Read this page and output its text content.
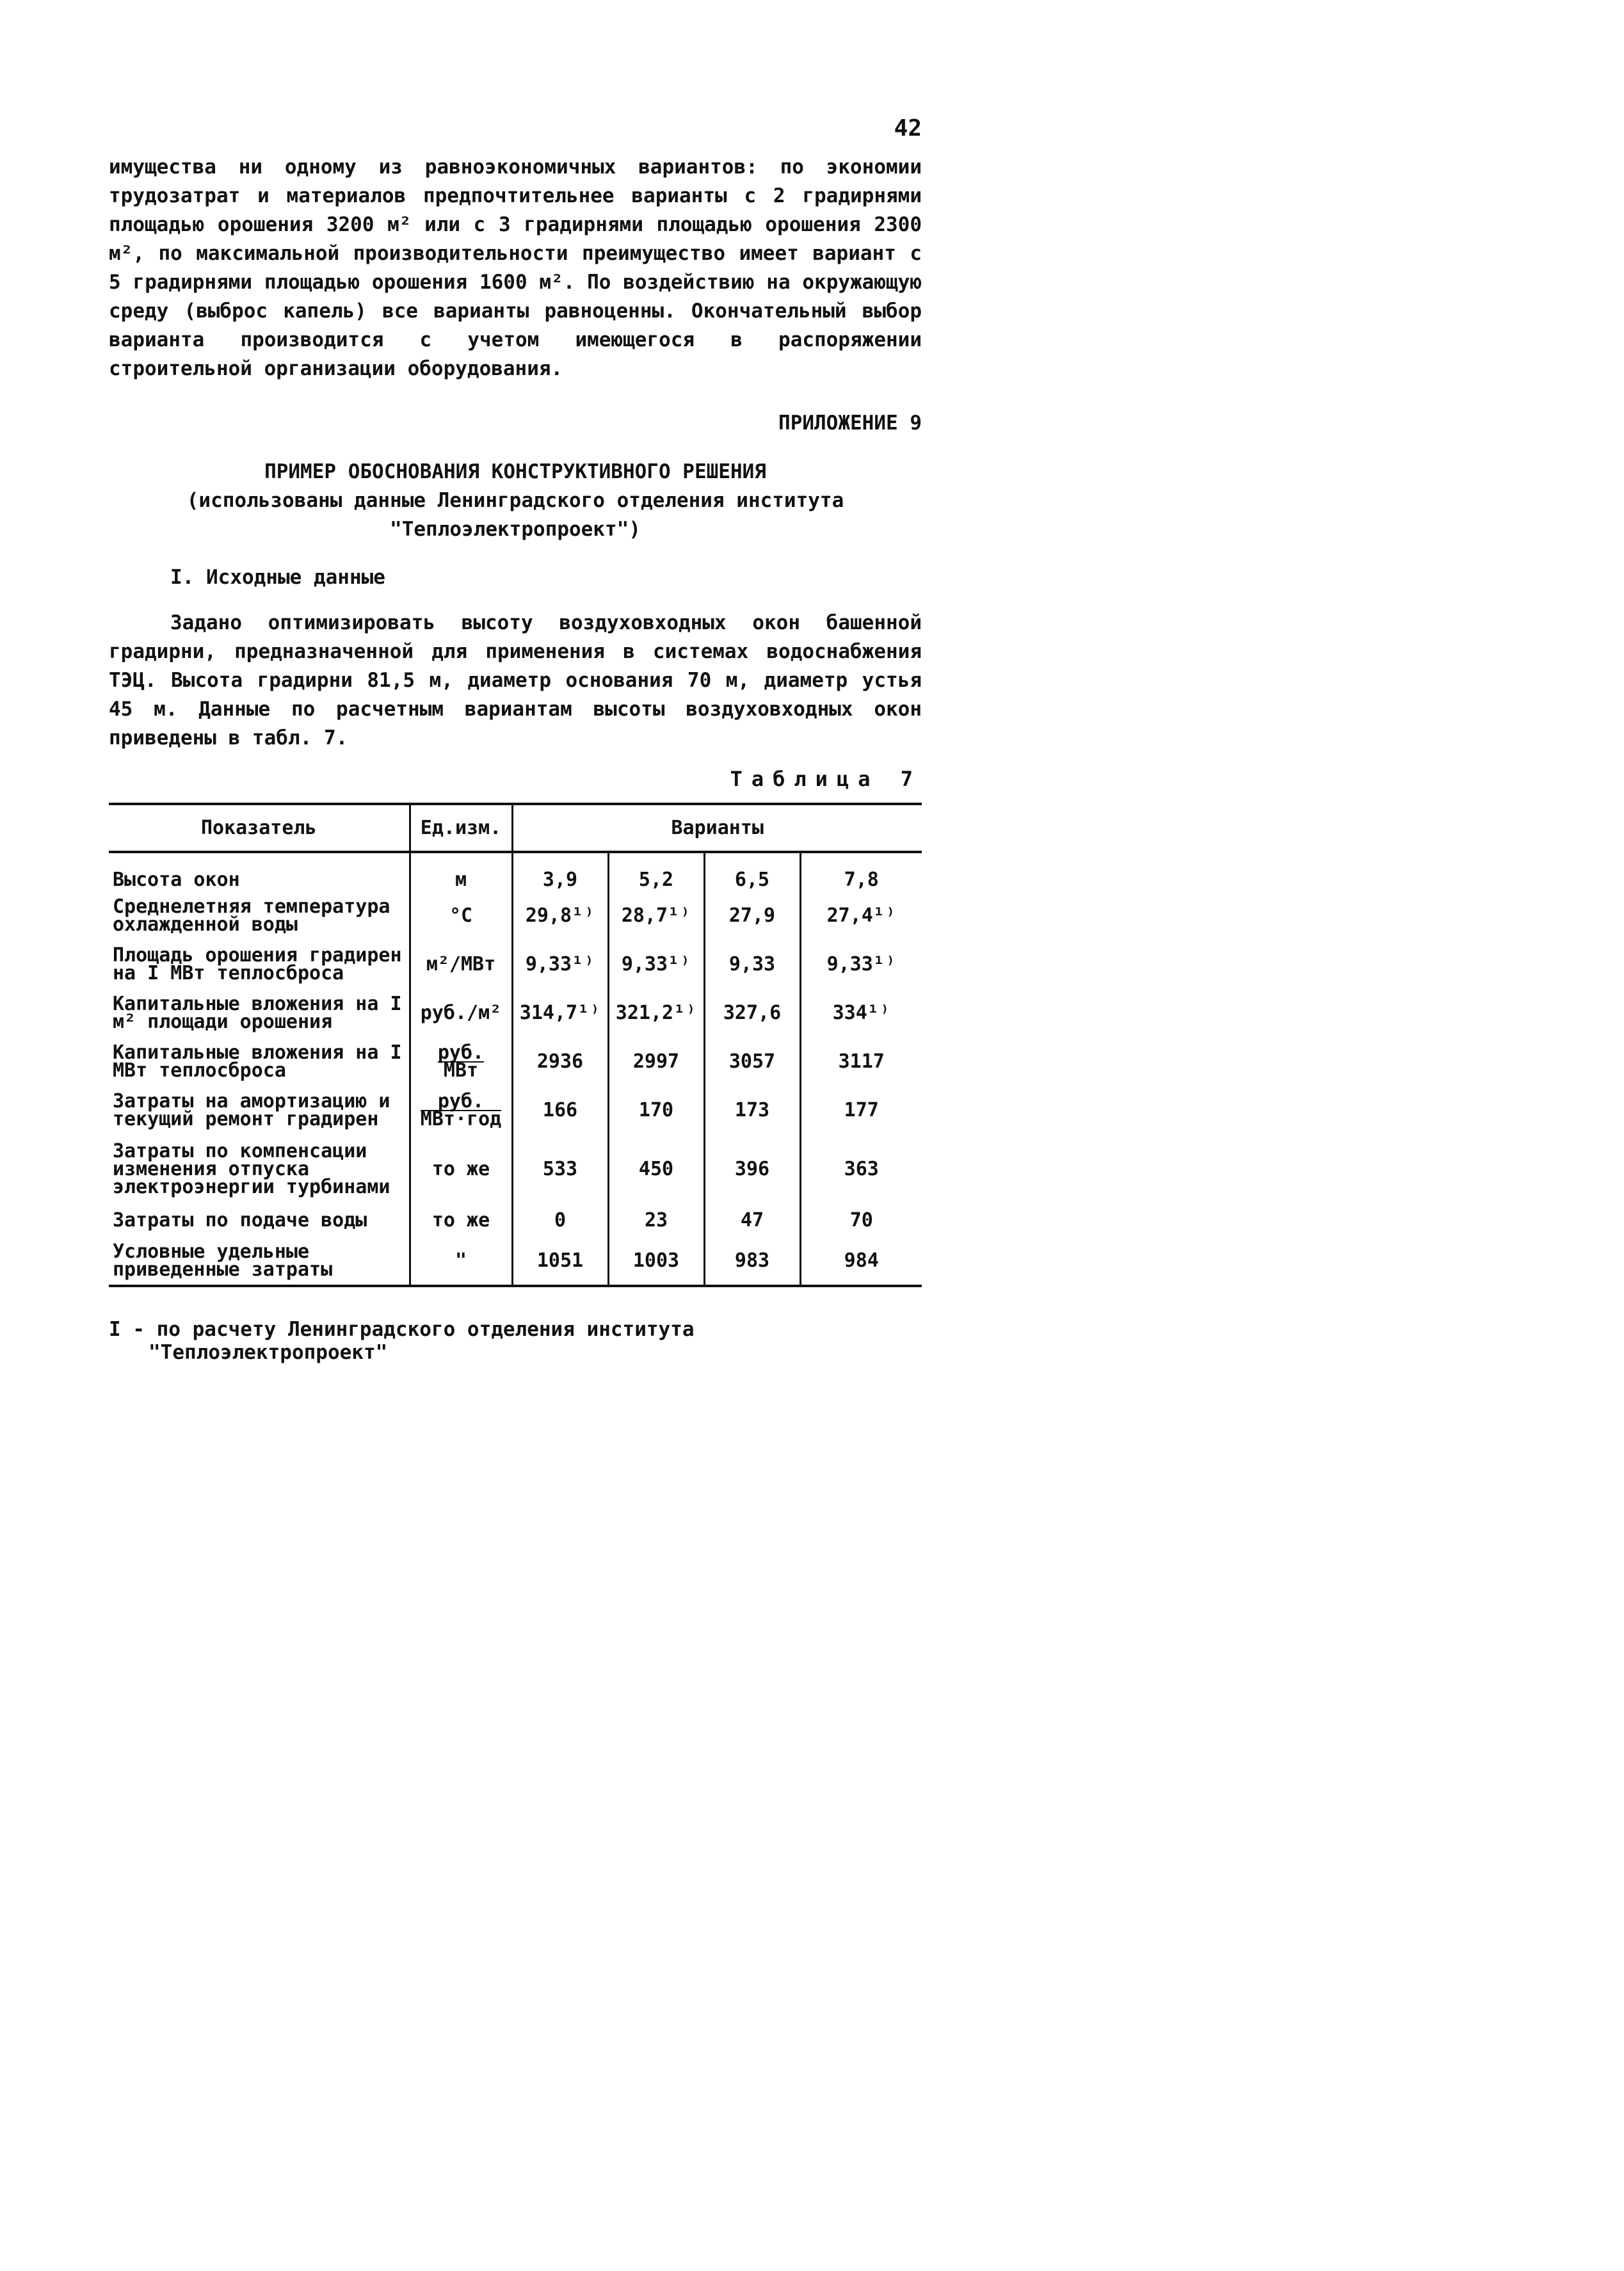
42

имущества ни одному из равноэкономичных вариантов: по экономии трудозатрат и материалов предпочтительнее варианты с 2 градирнями площадью орошения 3200 м² или с 3 градирнями площадью орошения 2300 м², по максимальной производительности преимущество имеет вариант с 5 градирнями площадью орошения 1600 м². По воздействию на окружающую среду (выброс капель) все варианты равноценны. Окончательный выбор варианта производится с учетом имеющегося в распоряжении строительной организации оборудования.

ПРИЛОЖЕНИЕ 9
ПРИМЕР ОБОСНОВАНИЯ КОНСТРУКТИВНОГО РЕШЕНИЯ
(использованы данные Ленинградского отделения института
"Теплоэлектропроект")
I. Исходные данные

Задано оптимизировать высоту воздуховходных окон башенной градирни, предназначенной для применения в системах водоснабжения ТЭЦ. Высота градирни 81,5 м, диаметр основания 70 м, диаметр устья 45 м. Данные по расчетным вариантам высоты воздуховходных окон приведены в табл. 7.

Таблица 7
Показатель	Ед.изм.	Варианты			
Высота окон	м	3,9	5,2	6,5	7,8
Среднелетняя температура охлажденной воды	°C	29,8¹⁾	28,7¹⁾	27,9	27,4¹⁾
Площадь орошения градирен на I МВт теплосброса	м²/МВт	9,33¹⁾	9,33¹⁾	9,33	9,33¹⁾
Капитальные вложения на I м² площади орошения	руб./м²	314,7¹⁾	321,2¹⁾	327,6	334¹⁾
Капитальные вложения на I МВт теплосброса	$\frac{\text{руб.}}{\text{МВт}}$	2936	2997	3057	3117
Затраты на амортизацию и текущий ремонт градирен	$\frac{\text{руб.}}{\text{МВт·год}}$	166	170	173	177
Затраты по компенсации изменения отпуска электроэнергии турбинами	то же	533	450	396	363
Затраты по подаче воды	то же	0	23	47	70
Условные удельные приведенные затраты	"	1051	1003	983	984
I - по расчету Ленинградского отделения института "Теплоэлектропроект"
